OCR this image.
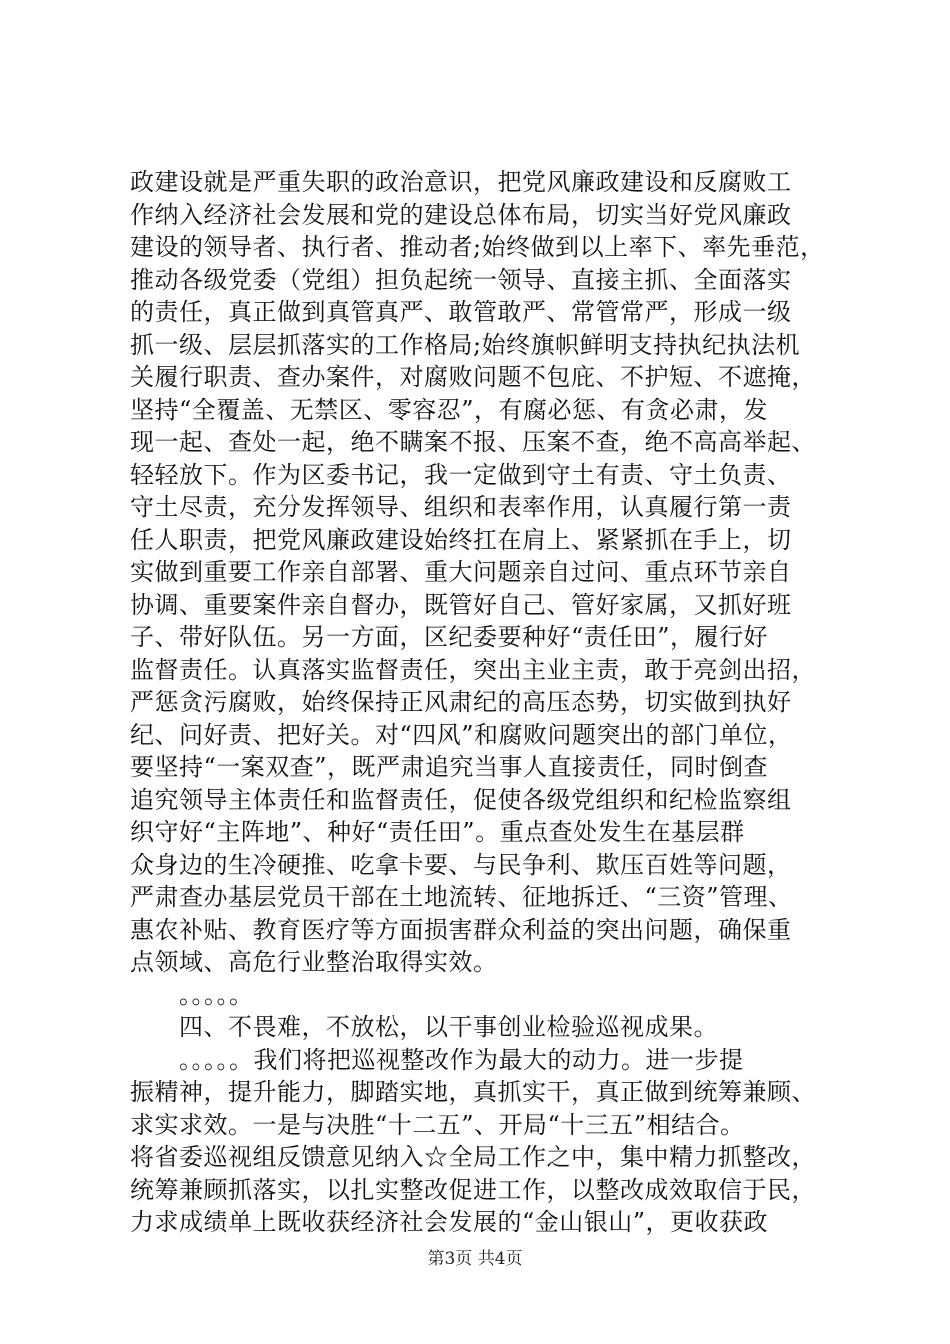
政建设就是严重失职的政治意识，把党风廉政建设和反腐败工
作纳入经济社会发展和党的建设总体布局，切实当好党风廉政
建设的领导者、执行者、推动者;始终做到以上率下、率先垂范，
推动各级党委（党组）担负起统一领导、直接主抓、全面落实
的责任，真正做到真管真严、敢管敢严、常管常严，形成一级
抓一级、层层抓落实的工作格局;始终旗帜鲜明支持执纪执法机
关履行职责、查办案件，对腐败问题不包庇、不护短、不遮掩，
坚持“全覆盖、无禁区、零容忍”，有腐必惩、有贪必肃，发
现一起、查处一起，绝不瞒案不报、压案不查，绝不高高举起、
轻轻放下。作为区委书记，我一定做到守土有责、守土负责、
守土尽责，充分发挥领导、组织和表率作用，认真履行第一责
任人职责，把党风廉政建设始终扛在肩上、紧紧抓在手上，切
实做到重要工作亲自部署、重大问题亲自过问、重点环节亲自
协调、重要案件亲自督办，既管好自己、管好家属，又抓好班
子、带好队伍。另一方面，区纪委要种好“责任田”，履行好
监督责任。认真落实监督责任，突出主业主责，敢于亮剑出招，
严惩贪污腐败，始终保持正风肃纪的高压态势，切实做到执好
纪、问好责、把好关。对“四风”和腐败问题突出的部门单位，
要坚持“一案双查”，既严肃追究当事人直接责任，同时倒查
追究领导主体责任和监督责任，促使各级党组织和纪检监察组
织守好“主阵地”、种好“责任田”。重点查处发生在基层群
众身边的生冷硬推、吃拿卡要、与民争利、欺压百姓等问题，
严肃查办基层党员干部在土地流转、征地拆迁、“三资”管理、
惠农补贴、教育医疗等方面损害群众利益的突出问题，确保重
点领域、高危行业整治取得实效。
　　。。。。。
　　四、不畏难，不放松，以干事创业检验巡视成果。
　　。。。。。我们将把巡视整改作为最大的动力。进一步提
振精神，提升能力，脚踏实地，真抓实干，真正做到统筹兼顾、
求实求效。一是与决胜“十二五”、开局“十三五”相结合。
将省委巡视组反馈意见纳入☆全局工作之中，集中精力抓整改，
统筹兼顾抓落实，以扎实整改促进工作，以整改成效取信于民，
力求成绩单上既收获经济社会发展的“金山银山”，更收获政
第3页 共4页
